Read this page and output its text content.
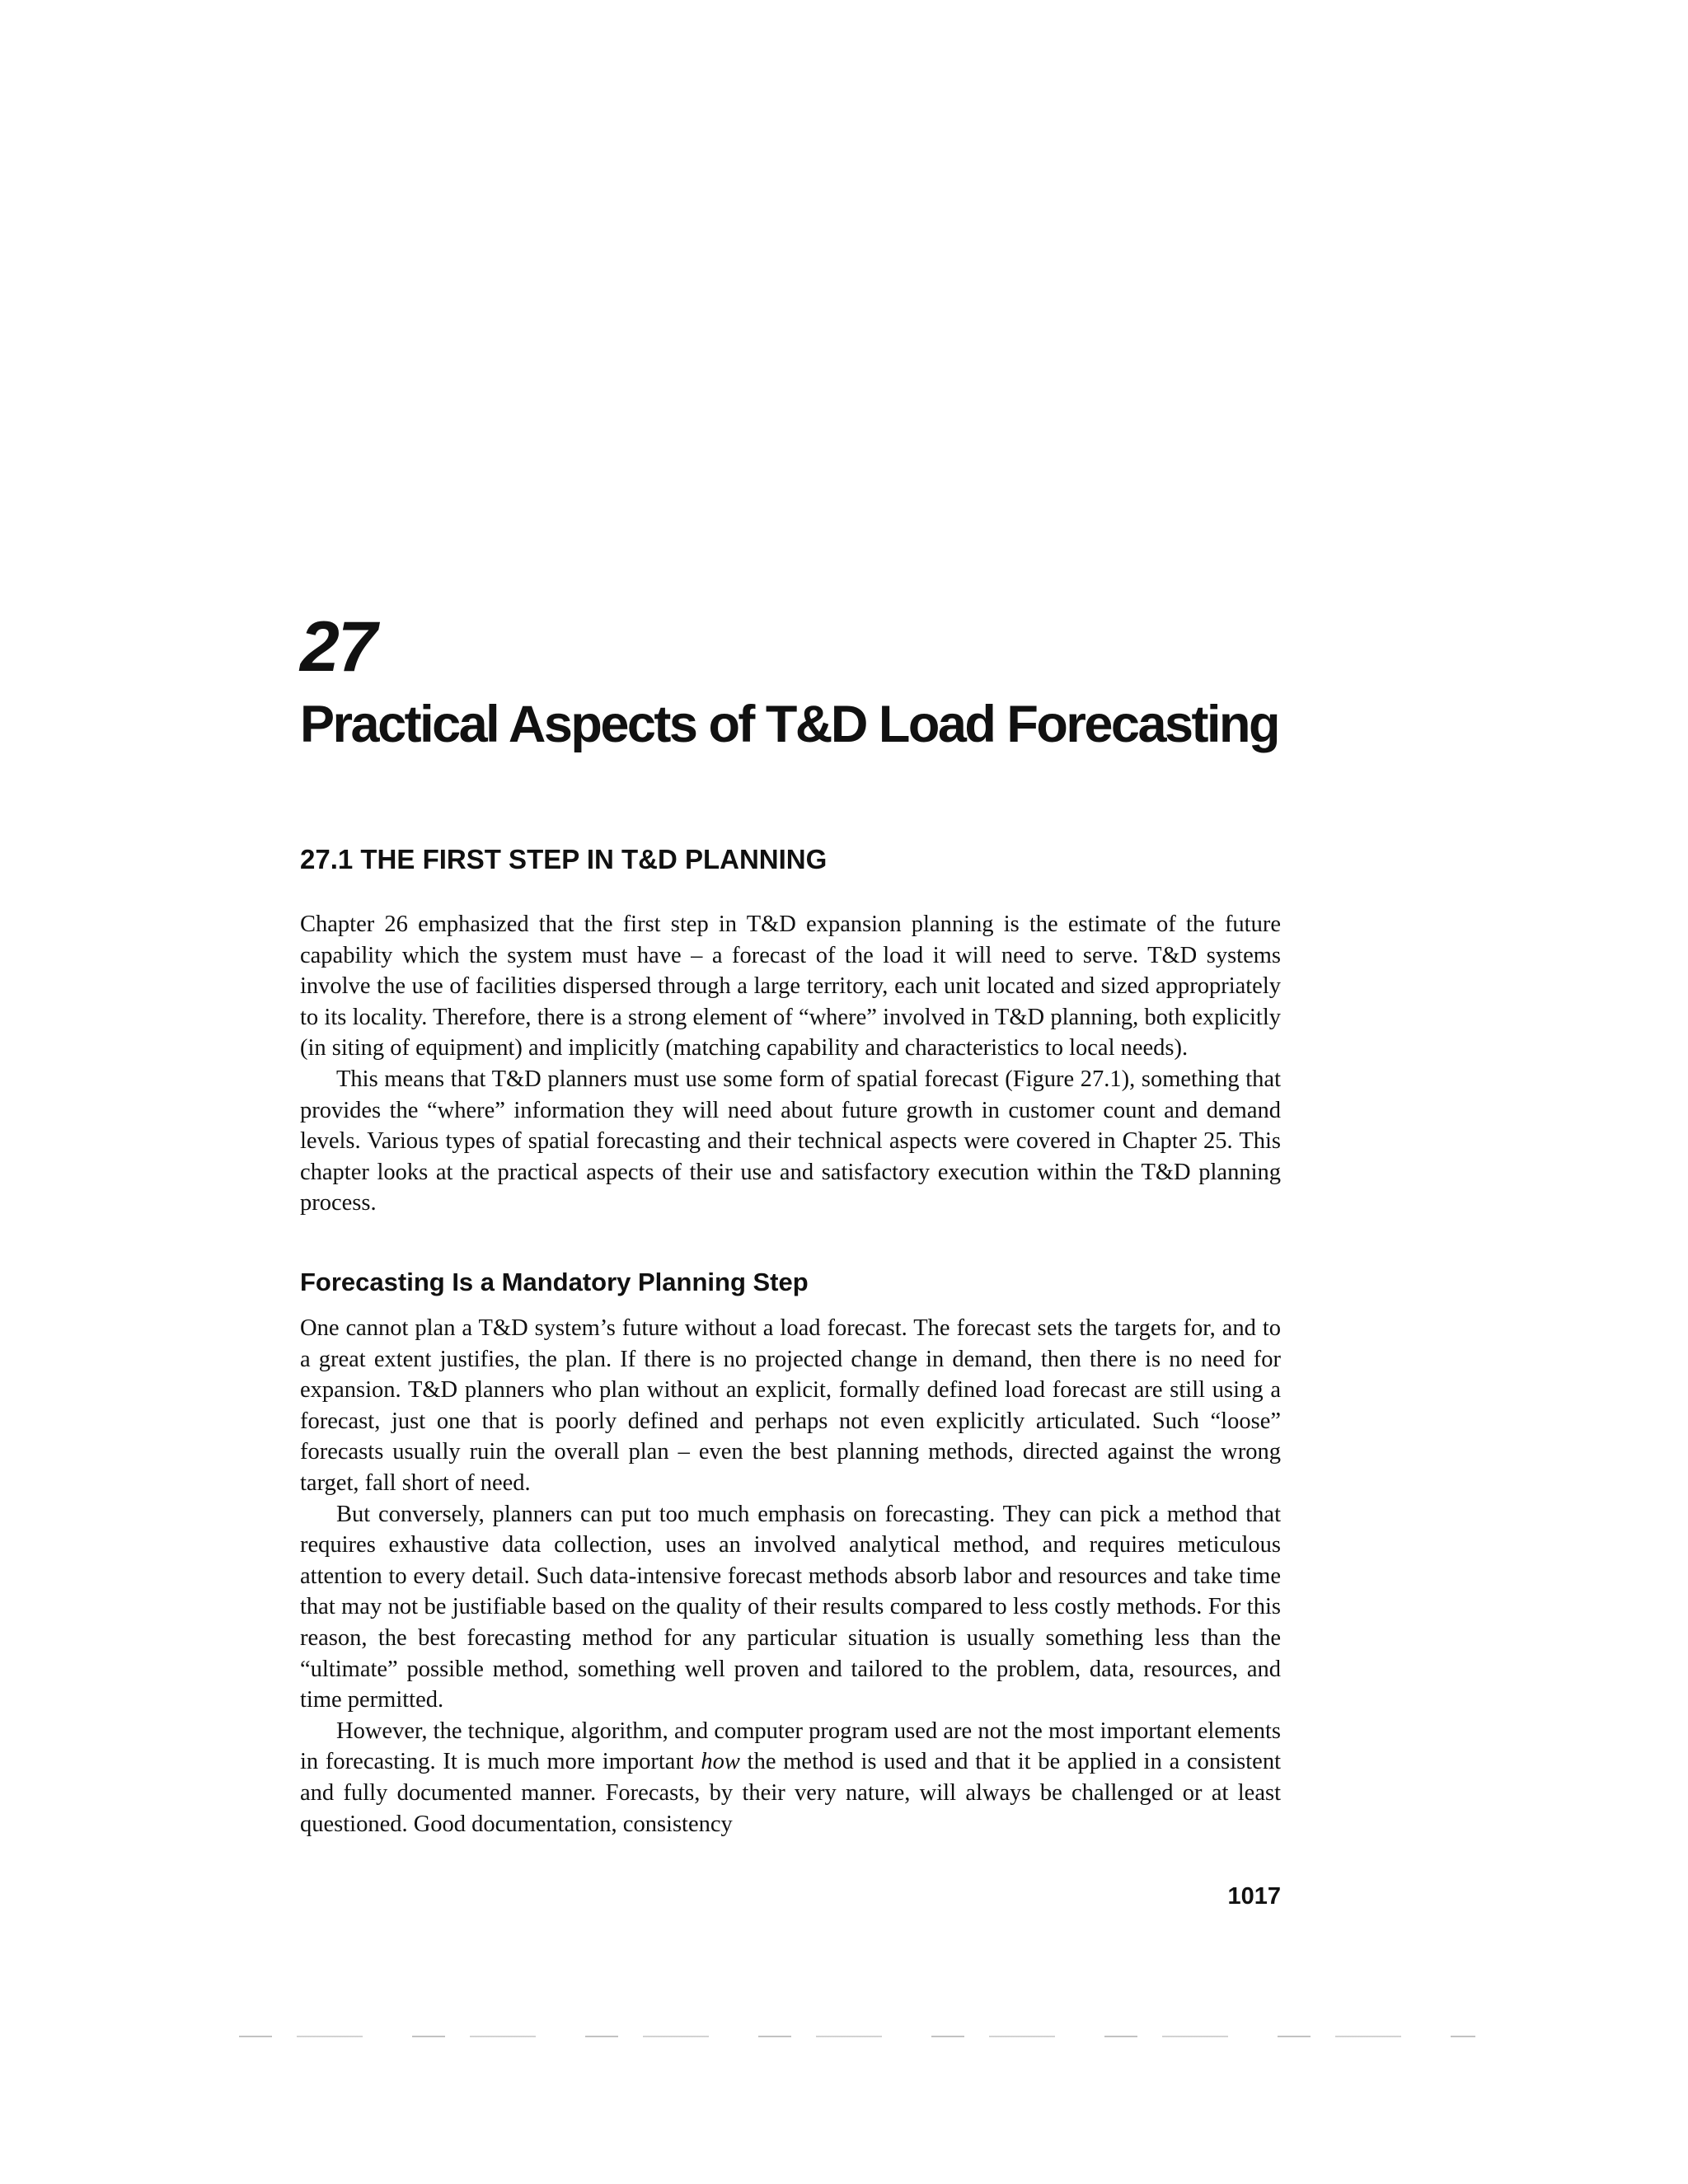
27
Practical Aspects of T&D Load Forecasting
27.1 THE FIRST STEP IN T&D PLANNING

Chapter 26 emphasized that the first step in T&D expansion planning is the estimate of the future capability which the system must have – a forecast of the load it will need to serve. T&D systems involve the use of facilities dispersed through a large territory, each unit located and sized appropriately to its locality. Therefore, there is a strong element of “where” involved in T&D planning, both explicitly (in siting of equipment) and implicitly (matching capability and characteristics to local needs).

This means that T&D planners must use some form of spatial forecast (Figure 27.1), something that provides the “where” information they will need about future growth in customer count and demand levels. Various types of spatial forecasting and their technical aspects were covered in Chapter 25. This chapter looks at the practical aspects of their use and satisfactory execution within the T&D planning process.

Forecasting Is a Mandatory Planning Step

One cannot plan a T&D system’s future without a load forecast. The forecast sets the targets for, and to a great extent justifies, the plan. If there is no projected change in demand, then there is no need for expansion. T&D planners who plan without an explicit, formally defined load forecast are still using a forecast, just one that is poorly defined and perhaps not even explicitly articulated. Such “loose” forecasts usually ruin the overall plan – even the best planning methods, directed against the wrong target, fall short of need.

But conversely, planners can put too much emphasis on forecasting. They can pick a method that requires exhaustive data collection, uses an involved analytical method, and requires meticulous attention to every detail. Such data-intensive forecast methods absorb labor and resources and take time that may not be justifiable based on the quality of their results compared to less costly methods. For this reason, the best forecasting method for any particular situation is usually something less than the “ultimate” possible method, something well proven and tailored to the problem, data, resources, and time permitted.

However, the technique, algorithm, and computer program used are not the most important elements in forecasting. It is much more important how the method is used and that it be applied in a consistent and fully documented manner. Forecasts, by their very nature, will always be challenged or at least questioned. Good documentation, consistency

1017
